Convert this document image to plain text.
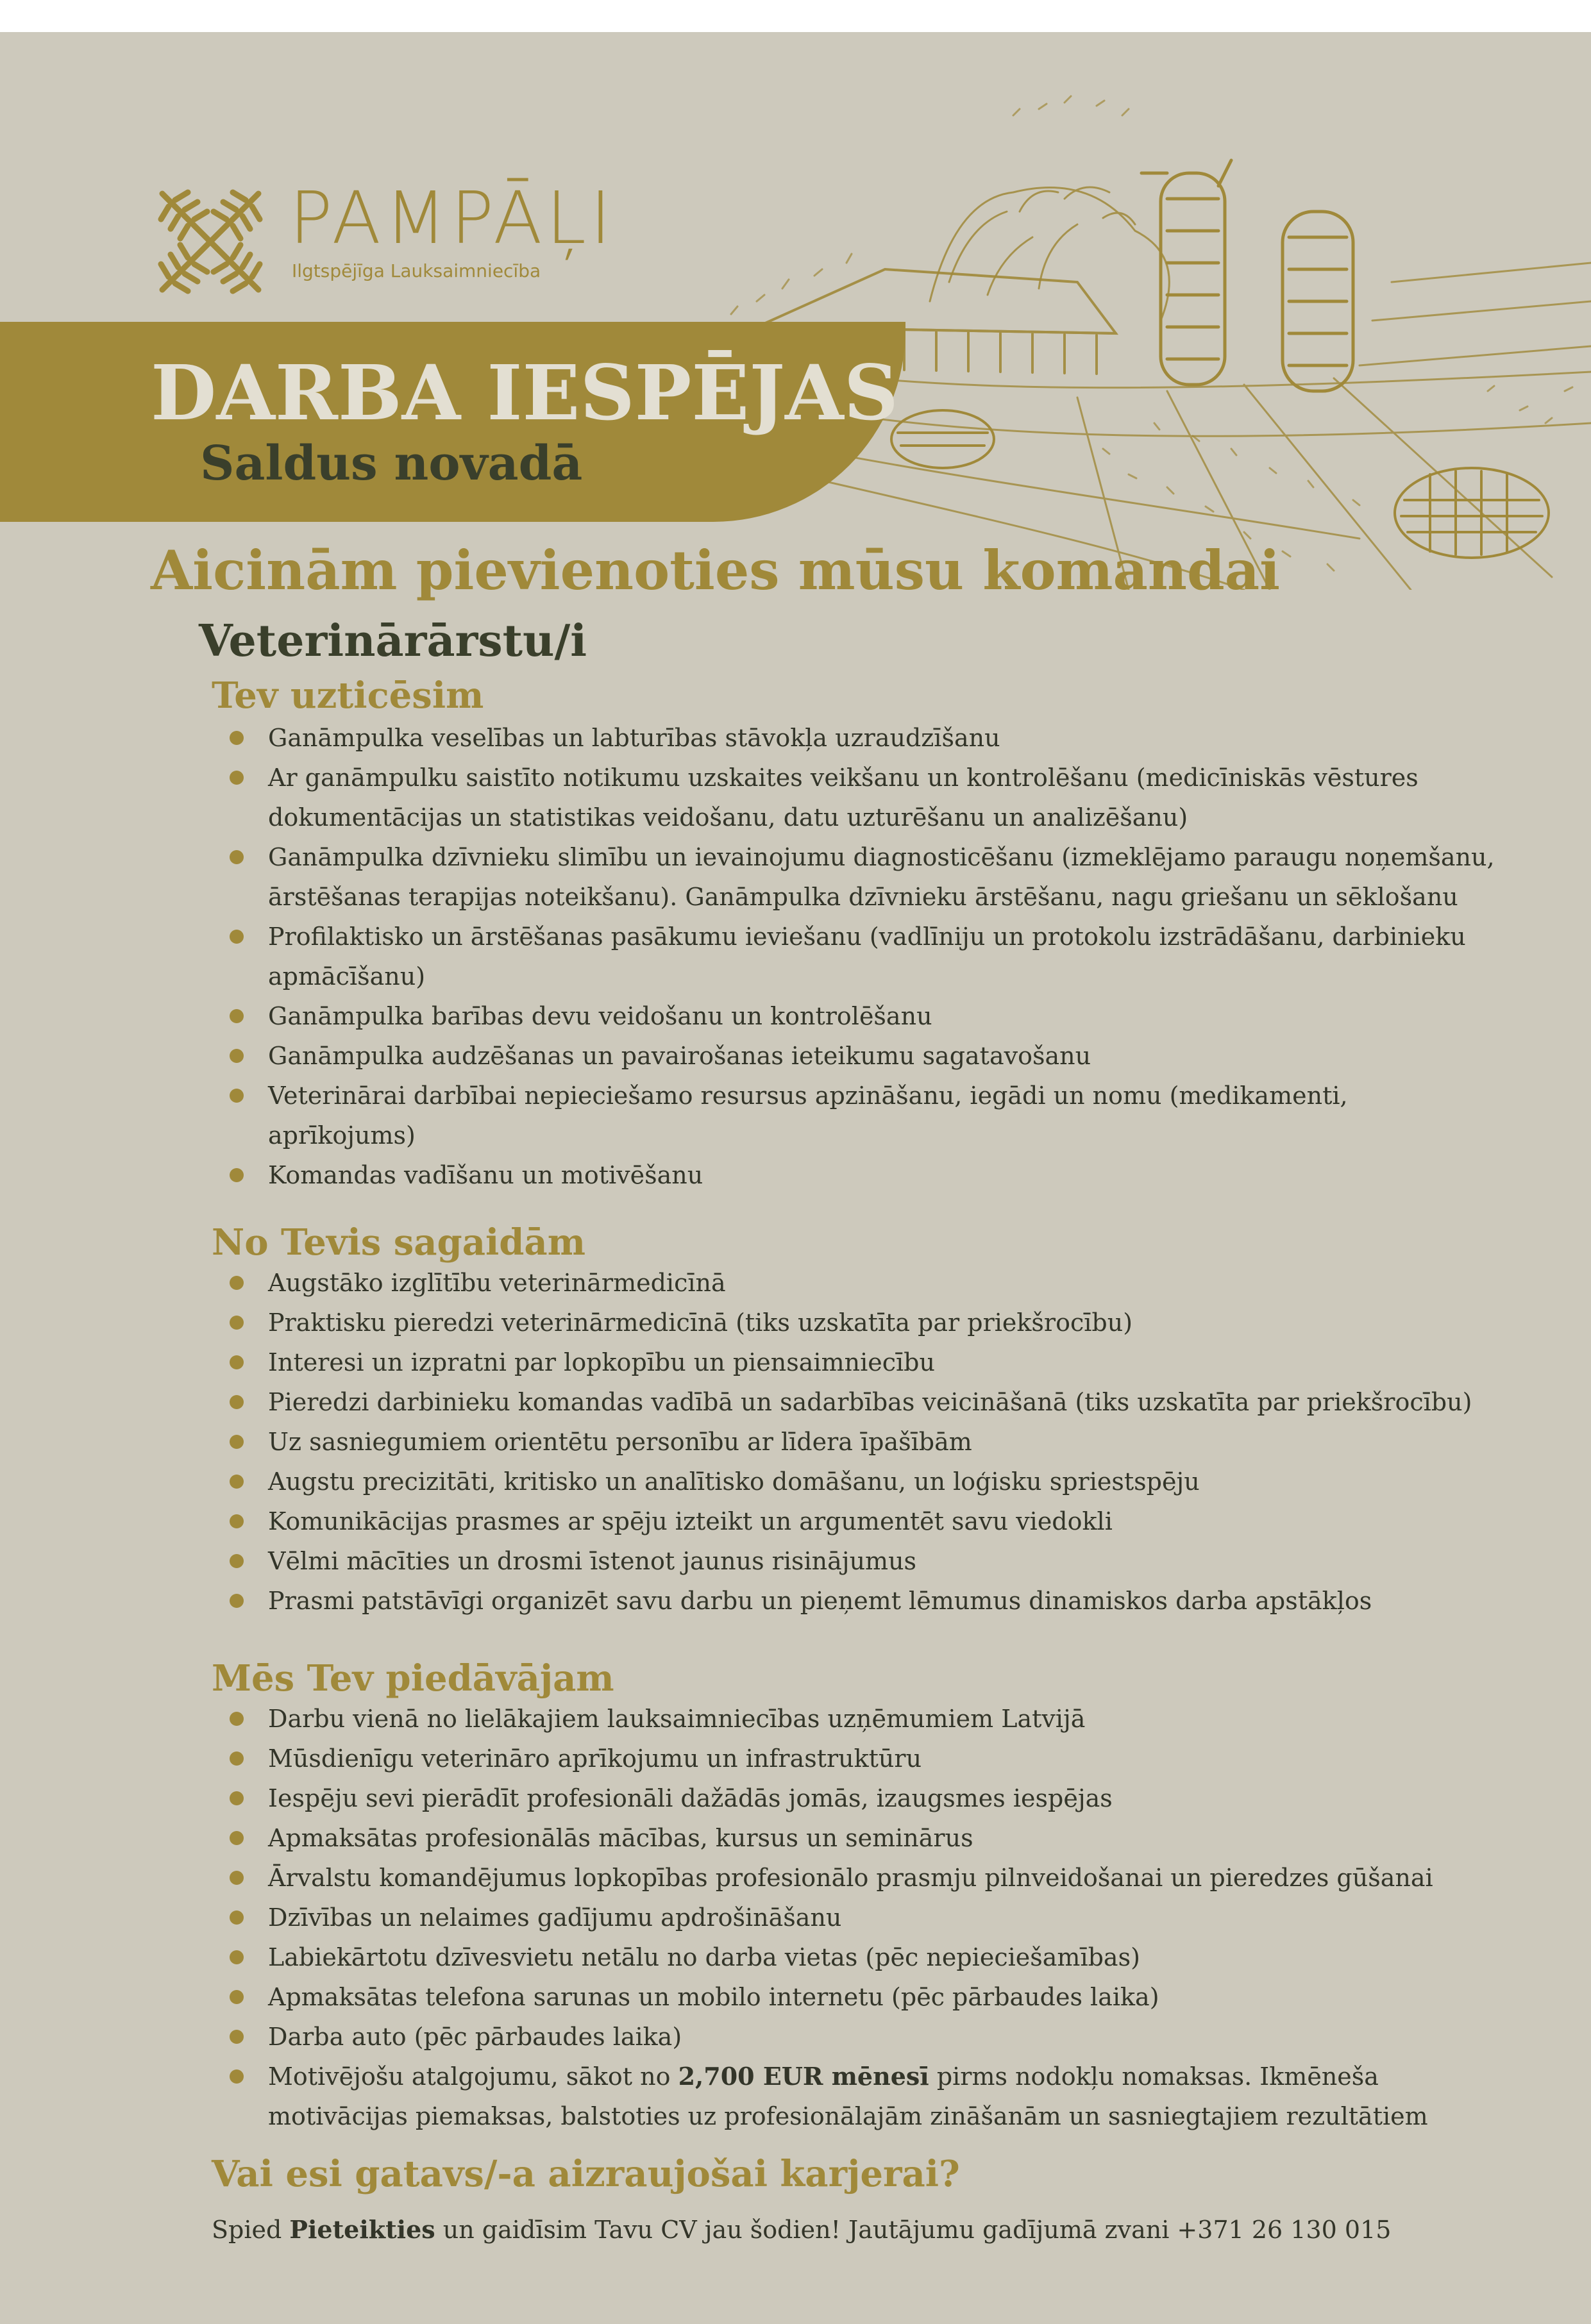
PAMPĀĻI
Ilgtspējīga Lauksaimniecība
DARBA IESPĒJAS
Saldus novadā
Aicinām pievienoties mūsu komandai
Veterinārārstu/i
Tev uzticēsim
Ganāmpulka veselības un labturības stāvokļa uzraudzīšanu
Ar ganāmpulku saistīto notikumu uzskaites veikšanu un kontrolēšanu (medicīniskās vēstures dokumentācijas un statistikas veidošanu, datu uzturēšanu un analizēšanu)
Ganāmpulka dzīvnieku slimību un ievainojumu diagnosticēšanu (izmeklējamo paraugu noņemšanu, ārstēšanas terapijas noteikšanu). Ganāmpulka dzīvnieku ārstēšanu, nagu griešanu un sēklošanu
Profilaktisko un ārstēšanas pasākumu ieviešanu (vadlīniju un protokolu izstrādāšanu, darbinieku apmācīšanu)
Ganāmpulka barības devu veidošanu un kontrolēšanu
Ganāmpulka audzēšanas un pavairošanas ieteikumu sagatavošanu
Veterinārai darbībai nepieciešamo resursus apzināšanu, iegādi un nomu (medikamenti, aprīkojums)
Komandas vadīšanu un motivēšanu
No Tevis sagaidām
Augstāko izglītību veterinārmedicīnā
Praktisku pieredzi veterinārmedicīnā (tiks uzskatīta par priekšrocību)
Interesi un izpratni par lopkopību un piensaimniecību
Pieredzi darbinieku komandas vadībā un sadarbības veicināšanā (tiks uzskatīta par priekšrocību)
Uz sasniegumiem orientētu personību ar līdera īpašībām
Augstu precizitāti, kritisko un analītisko domāšanu, un loģisku spriestspēju
Komunikācijas prasmes ar spēju izteikt un argumentēt savu viedokli
Vēlmi mācīties un drosmi īstenot jaunus risinājumus
Prasmi patstāvīgi organizēt savu darbu un pieņemt lēmumus dinamiskos darba apstākļos
Mēs Tev piedāvājam
Darbu vienā no lielākajiem lauksaimniecības uzņēmumiem Latvijā
Mūsdienīgu veterināro aprīkojumu un infrastruktūru
Iespēju sevi pierādīt profesionāli dažādās jomās, izaugsmes iespējas
Apmaksātas profesionālās mācības, kursus un seminārus
Ārvalstu komandējumus lopkopības profesionālo prasmju pilnveidošanai un pieredzes gūšanai
Dzīvības un nelaimes gadījumu apdrošināšanu
Labiekārtotu dzīvesvietu netālu no darba vietas (pēc nepieciešamības)
Apmaksātas telefona sarunas un mobilo internetu (pēc pārbaudes laika)
Darba auto (pēc pārbaudes laika)
Motivējošu atalgojumu, sākot no 2,700 EUR mēnesī pirms nodokļu nomaksas. Ikmēneša motivācijas piemaksas, balstoties uz profesionālajām zināšanām un sasniegtajiem rezultātiem
Vai esi gatavs/-a aizraujošai karjerai?
Spied Pieteikties un gaidīsim Tavu CV jau šodien! Jautājumu gadījumā zvani +371 26 130 015
